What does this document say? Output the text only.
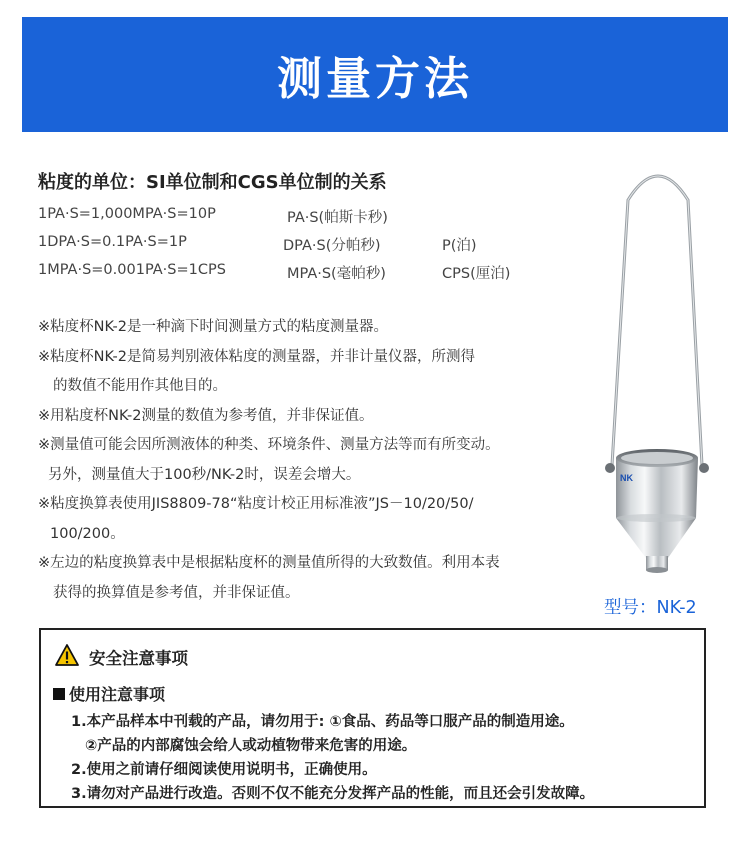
测量方法
粘度的单位：SI单位制和CGS单位制的关系
1PA·S=1,000MPA·S=10P	PA·S(帕斯卡秒)
1DPA·S=0.1PA·S=1P	DPA·S(分帕秒)	P(泊)
1MPA·S=0.001PA·S=1CPS	MPA·S(毫帕秒)	CPS(厘泊)

※粘度杯NK-2是一种滴下时间测量方式的粘度测量器。

※粘度杯NK-2是简易判别液体粘度的测量器，并非计量仪器，所测得
的数值不能用作其他目的。

※用粘度杯NK-2测量的数值为参考值，并非保证值。

※测量值可能会因所测液体的种类、环境条件、测量方法等而有所变动。
另外，测量值大于100秒/NK-2时，误差会增大。

※粘度换算表使用JIS8809-78“粘度计校正用标准液”JS－10/20/50/
100/200。

※左边的粘度换算表中是根据粘度杯的测量值所得的大致数值。利用本表
获得的换算值是参考值，并非保证值。

NK
型号：NK-2
安全注意事项
使用注意事项
1.本产品样本中刊载的产品，请勿用于: ①食品、药品等口服产品的制造用途。
②产品的内部腐蚀会给人或动植物带来危害的用途。
2.使用之前请仔细阅读使用说明书，正确使用。
3.请勿对产品进行改造。否则不仅不能充分发挥产品的性能，而且还会引发故障。
